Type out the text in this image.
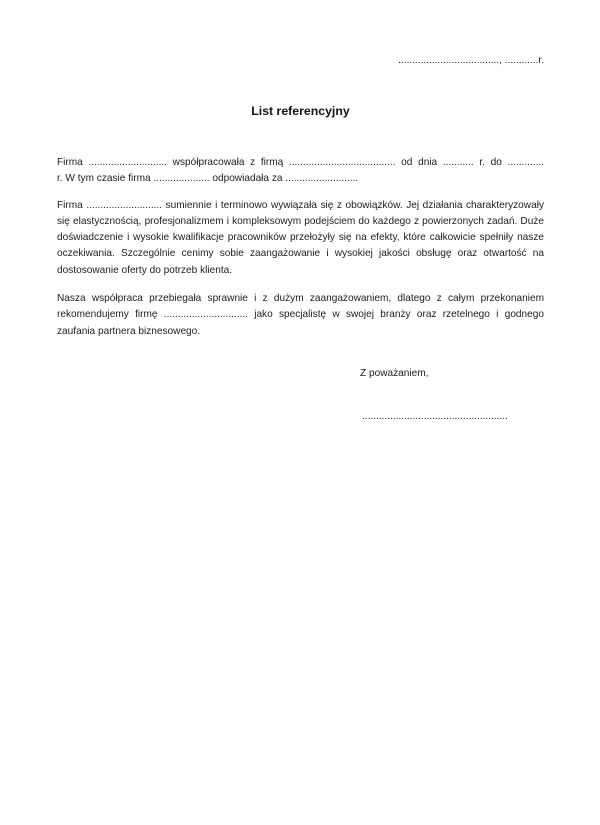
...................................., ............r.
List referencyjny
Firma ............................ współpracowała z firmą ...................................... od dnia ........... r. do .............
r. W tym czasie firma .................... odpowiadała za ..........................
Firma ........................... sumiennie i terminowo wywiązała się z obowiązków. Jej działania charakteryzowały
się elastycznością, profesjonalizmem i kompleksowym podejściem do każdego z powierzonych zadań. Duże
doświadczenie i wysokie kwalifikacje pracowników przełożyły się na efekty, które całkowicie spełniły nasze
oczekiwania. Szczególnie cenimy sobie zaangażowanie i wysokiej jakości obsługę oraz otwartość na
dostosowanie oferty do potrzeb klienta.
Nasza współpraca przebiegała sprawnie i z dużym zaangażowaniem, dlatego z całym przekonaniem
rekomendujemy firmę .............................. jako specjalistę w swojej branży oraz rzetelnego i godnego
zaufania partnera biznesowego.
Z poważaniem,
....................................................
